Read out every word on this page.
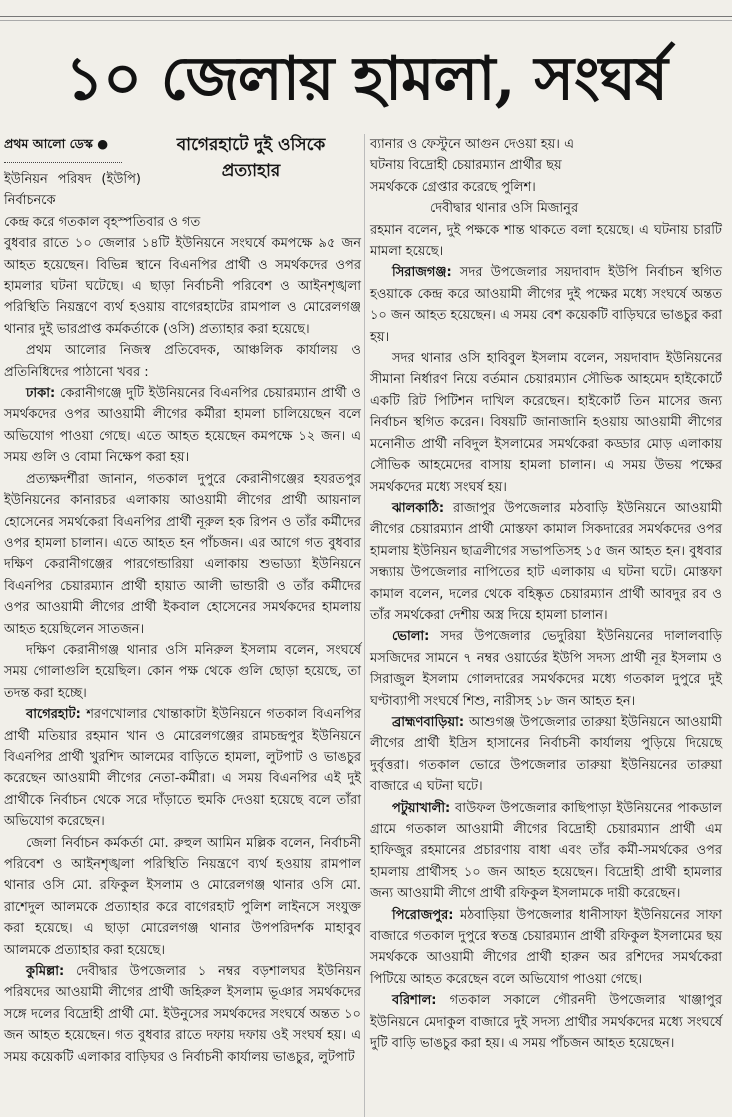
১০ জেলায় হামলা, সংঘর্ষ
বাগেরহাটে দুই ওসিকে
প্রত্যাহার

প্রথম আলো ডেস্ক ●

ইউনিয়ন পরিষদ (ইউপি) নির্বাচনকে

কেন্দ্র করে গতকাল বৃহস্পতিবার ও গত

বুধবার রাতে ১০ জেলার ১৪টি ইউনিয়নে সংঘর্ষে কমপক্ষে ৯৫ জন আহত হয়েছেন। বিভিন্ন স্থানে বিএনপির প্রার্থী ও সমর্থকদের ওপর হামলার ঘটনা ঘটেছে। এ ছাড়া নির্বাচনী পরিবেশ ও আইনশৃঙ্খলা পরিস্থিতি নিয়ন্ত্রণে ব্যর্থ হওয়ায় বাগেরহাটের রামপাল ও মোরেলগঞ্জ থানার দুই ভারপ্রাপ্ত কর্মকর্তাকে (ওসি) প্রত্যাহার করা হয়েছে।

প্রথম আলোর নিজস্ব প্রতিবেদক, আঞ্চলিক কার্যালয় ও প্রতিনিধিদের পাঠানো খবর :

ঢাকা: কেরানীগঞ্জে দুটি ইউনিয়নের বিএনপির চেয়ারম্যান প্রার্থী ও সমর্থকদের ওপর আওয়ামী লীগের কর্মীরা হামলা চালিয়েছেন বলে অভিযোগ পাওয়া গেছে। এতে আহত হয়েছেন কমপক্ষে ১২ জন। এ সময় গুলি ও বোমা নিক্ষেপ করা হয়।

প্রত্যক্ষদর্শীরা জানান, গতকাল দুপুরে কেরানীগঞ্জের হযরতপুর ইউনিয়নের কানারচর এলাকায় আওয়ামী লীগের প্রার্থী আয়নাল হোসেনের সমর্থকেরা বিএনপির প্রার্থী নূরুল হক রিপন ও তাঁর কর্মীদের ওপর হামলা চালান। এতে আহত হন পাঁচজন। এর আগে গত বুধবার দক্ষিণ কেরানীগঞ্জের পারগেন্ডারিয়া এলাকায় শুভাড্যা ইউনিয়নে বিএনপির চেয়ারম্যান প্রার্থী হায়াত আলী ভান্ডারী ও তাঁর কর্মীদের ওপর আওয়ামী লীগের প্রার্থী ইকবাল হোসেনের সমর্থকদের হামলায় আহত হয়েছিলেন সাতজন।

দক্ষিণ কেরানীগঞ্জ থানার ওসি মনিরুল ইসলাম বলেন, সংঘর্ষে সময় গোলাগুলি হয়েছিল। কোন পক্ষ থেকে গুলি ছোড়া হয়েছে, তা তদন্ত করা হচ্ছে।

বাগেরহাট: শরণখোলার খোন্তাকাটা ইউনিয়নে গতকাল বিএনপির প্রার্থী মতিয়ার রহমান খান ও মোরেলগঞ্জের রামচন্দ্রপুর ইউনিয়নে বিএনপির প্রার্থী খুরশিদ আলমের বাড়িতে হামলা, লুটপাট ও ভাঙচুর করেছেন আওয়ামী লীগের নেতা-কর্মীরা। এ সময় বিএনপির এই দুই প্রার্থীকে নির্বাচন থেকে সরে দাঁড়াতে হুমকি দেওয়া হয়েছে বলে তাঁরা অভিযোগ করেছেন।

জেলা নির্বাচন কর্মকর্তা মো. রুহুল আমিন মল্লিক বলেন, নির্বাচনী পরিবেশ ও আইনশৃঙ্খলা পরিস্থিতি নিয়ন্ত্রণে ব্যর্থ হওয়ায় রামপাল থানার ওসি মো. রফিকুল ইসলাম ও মোরেলগঞ্জ থানার ওসি মো. রাশেদুল আলমকে প্রত্যাহার করে বাগেরহাট পুলিশ লাইনসে সংযুক্ত করা হয়েছে। এ ছাড়া মোরেলগঞ্জ থানার উপপরিদর্শক মাহাবুব আলমকে প্রত্যাহার করা হয়েছে।

কুমিল্লা: দেবীদ্বার উপজেলার ১ নম্বর বড়শালঘর ইউনিয়ন পরিষদের আওয়ামী লীগের প্রার্থী জহিরুল ইসলাম ভূঞার সমর্থকদের সঙ্গে দলের বিদ্রোহী প্রার্থী মো. ইউনুসের সমর্থকদের সংঘর্ষে অন্তত ১০ জন আহত হয়েছেন। গত বুধবার রাতে দফায় দফায় ওই সংঘর্ষ হয়। এ সময় কয়েকটি এলাকার বাড়িঘর ও নির্বাচনী কার্যালয় ভাঙচুর, লুটপাট

ব্যানার ও ফেস্টুনে আগুন দেওয়া হয়। এ

ঘটনায় বিদ্রোহী চেয়ারম্যান প্রার্থীর ছয়

সমর্থককে গ্রেপ্তার করেছে পুলিশ।

দেবীদ্বার থানার ওসি মিজানুর

রহমান বলেন, দুই পক্ষকে শান্ত থাকতে বলা হয়েছে। এ ঘটনায় চারটি মামলা হয়েছে।

সিরাজগঞ্জ: সদর উপজেলার সয়দাবাদ ইউপি নির্বাচন স্থগিত হওয়াকে কেন্দ্র করে আওয়ামী লীগের দুই পক্ষের মধ্যে সংঘর্ষে অন্তত ১০ জন আহত হয়েছেন। এ সময় বেশ কয়েকটি বাড়িঘরে ভাঙচুর করা হয়।

সদর থানার ওসি হাবিবুল ইসলাম বলেন, সয়দাবাদ ইউনিয়নের সীমানা নির্ধারণ নিয়ে বর্তমান চেয়ারম্যান সৌভিক আহমেদ হাইকোর্টে একটি রিট পিটিশন দাখিল করেছেন। হাইকোর্ট তিন মাসের জন্য নির্বাচন স্থগিত করেন। বিষয়টি জানাজানি হওয়ায় আওয়ামী লীগের মনোনীত প্রার্থী নবিদুল ইসলামের সমর্থকেরা কড্ডার মোড় এলাকায় সৌভিক আহমেদের বাসায় হামলা চালান। এ সময় উভয় পক্ষের সমর্থকদের মধ্যে সংঘর্ষ হয়।

ঝালকাঠি: রাজাপুর উপজেলার মঠবাড়ি ইউনিয়নে আওয়ামী লীগের চেয়ারম্যান প্রার্থী মোস্তফা কামাল সিকদারের সমর্থকদের ওপর হামলায় ইউনিয়ন ছাত্রলীগের সভাপতিসহ ১৫ জন আহত হন। বুধবার সন্ধ্যায় উপজেলার নাপিতের হাট এলাকায় এ ঘটনা ঘটে। মোস্তফা কামাল বলেন, দলের থেকে বহিষ্কৃত চেয়ারম্যান প্রার্থী আবদুর রব ও তাঁর সমর্থকেরা দেশীয় অস্ত্র দিয়ে হামলা চালান।

ভোলা: সদর উপজেলার ভেদুরিয়া ইউনিয়নের দালালবাড়ি মসজিদের সামনে ৭ নম্বর ওয়ার্ডের ইউপি সদস্য প্রার্থী নূর ইসলাম ও সিরাজুল ইসলাম গোলদারের সমর্থকদের মধ্যে গতকাল দুপুরে দুই ঘণ্টাব্যাপী সংঘর্ষে শিশু, নারীসহ ১৮ জন আহত হন।

ব্রাহ্মণবাড়িয়া: আশুগঞ্জ উপজেলার তারুয়া ইউনিয়নে আওয়ামী লীগের প্রার্থী ইদ্রিস হাসানের নির্বাচনী কার্যালয় পুড়িয়ে দিয়েছে দুর্বৃত্তরা। গতকাল ভোরে উপজেলার তারুয়া ইউনিয়নের তারুয়া বাজারে এ ঘটনা ঘটে।

পটুয়াখালী: বাউফল উপজেলার কাছিপাড়া ইউনিয়নের পাকডাল গ্রামে গতকাল আওয়ামী লীগের বিদ্রোহী চেয়ারম্যান প্রার্থী এম হাফিজুর রহমানের প্রচারণায় বাধা এবং তাঁর কর্মী-সমর্থকের ওপর হামলায় প্রার্থীসহ ১০ জন আহত হয়েছেন। বিদ্রোহী প্রার্থী হামলার জন্য আওয়ামী লীগে প্রার্থী রফিকুল ইসলামকে দায়ী করেছেন।

পিরোজপুর: মঠবাড়িয়া উপজেলার ধানীসাফা ইউনিয়নের সাফা বাজারে গতকাল দুপুরে স্বতন্ত্র চেয়ারম্যান প্রার্থী রফিকুল ইসলামের ছয় সমর্থককে আওয়ামী লীগের প্রার্থী হারুন অর রশিদের সমর্থকেরা পিটিয়ে আহত করেছেন বলে অভিযোগ পাওয়া গেছে।

বরিশাল: গতকাল সকালে গৌরনদী উপজেলার খাঞ্জাপুর ইউনিয়নে মেদাকুল বাজারে দুই সদস্য প্রার্থীর সমর্থকদের মধ্যে সংঘর্ষে দুটি বাড়ি ভাঙচুর করা হয়। এ সময় পাঁচজন আহত হয়েছেন।
